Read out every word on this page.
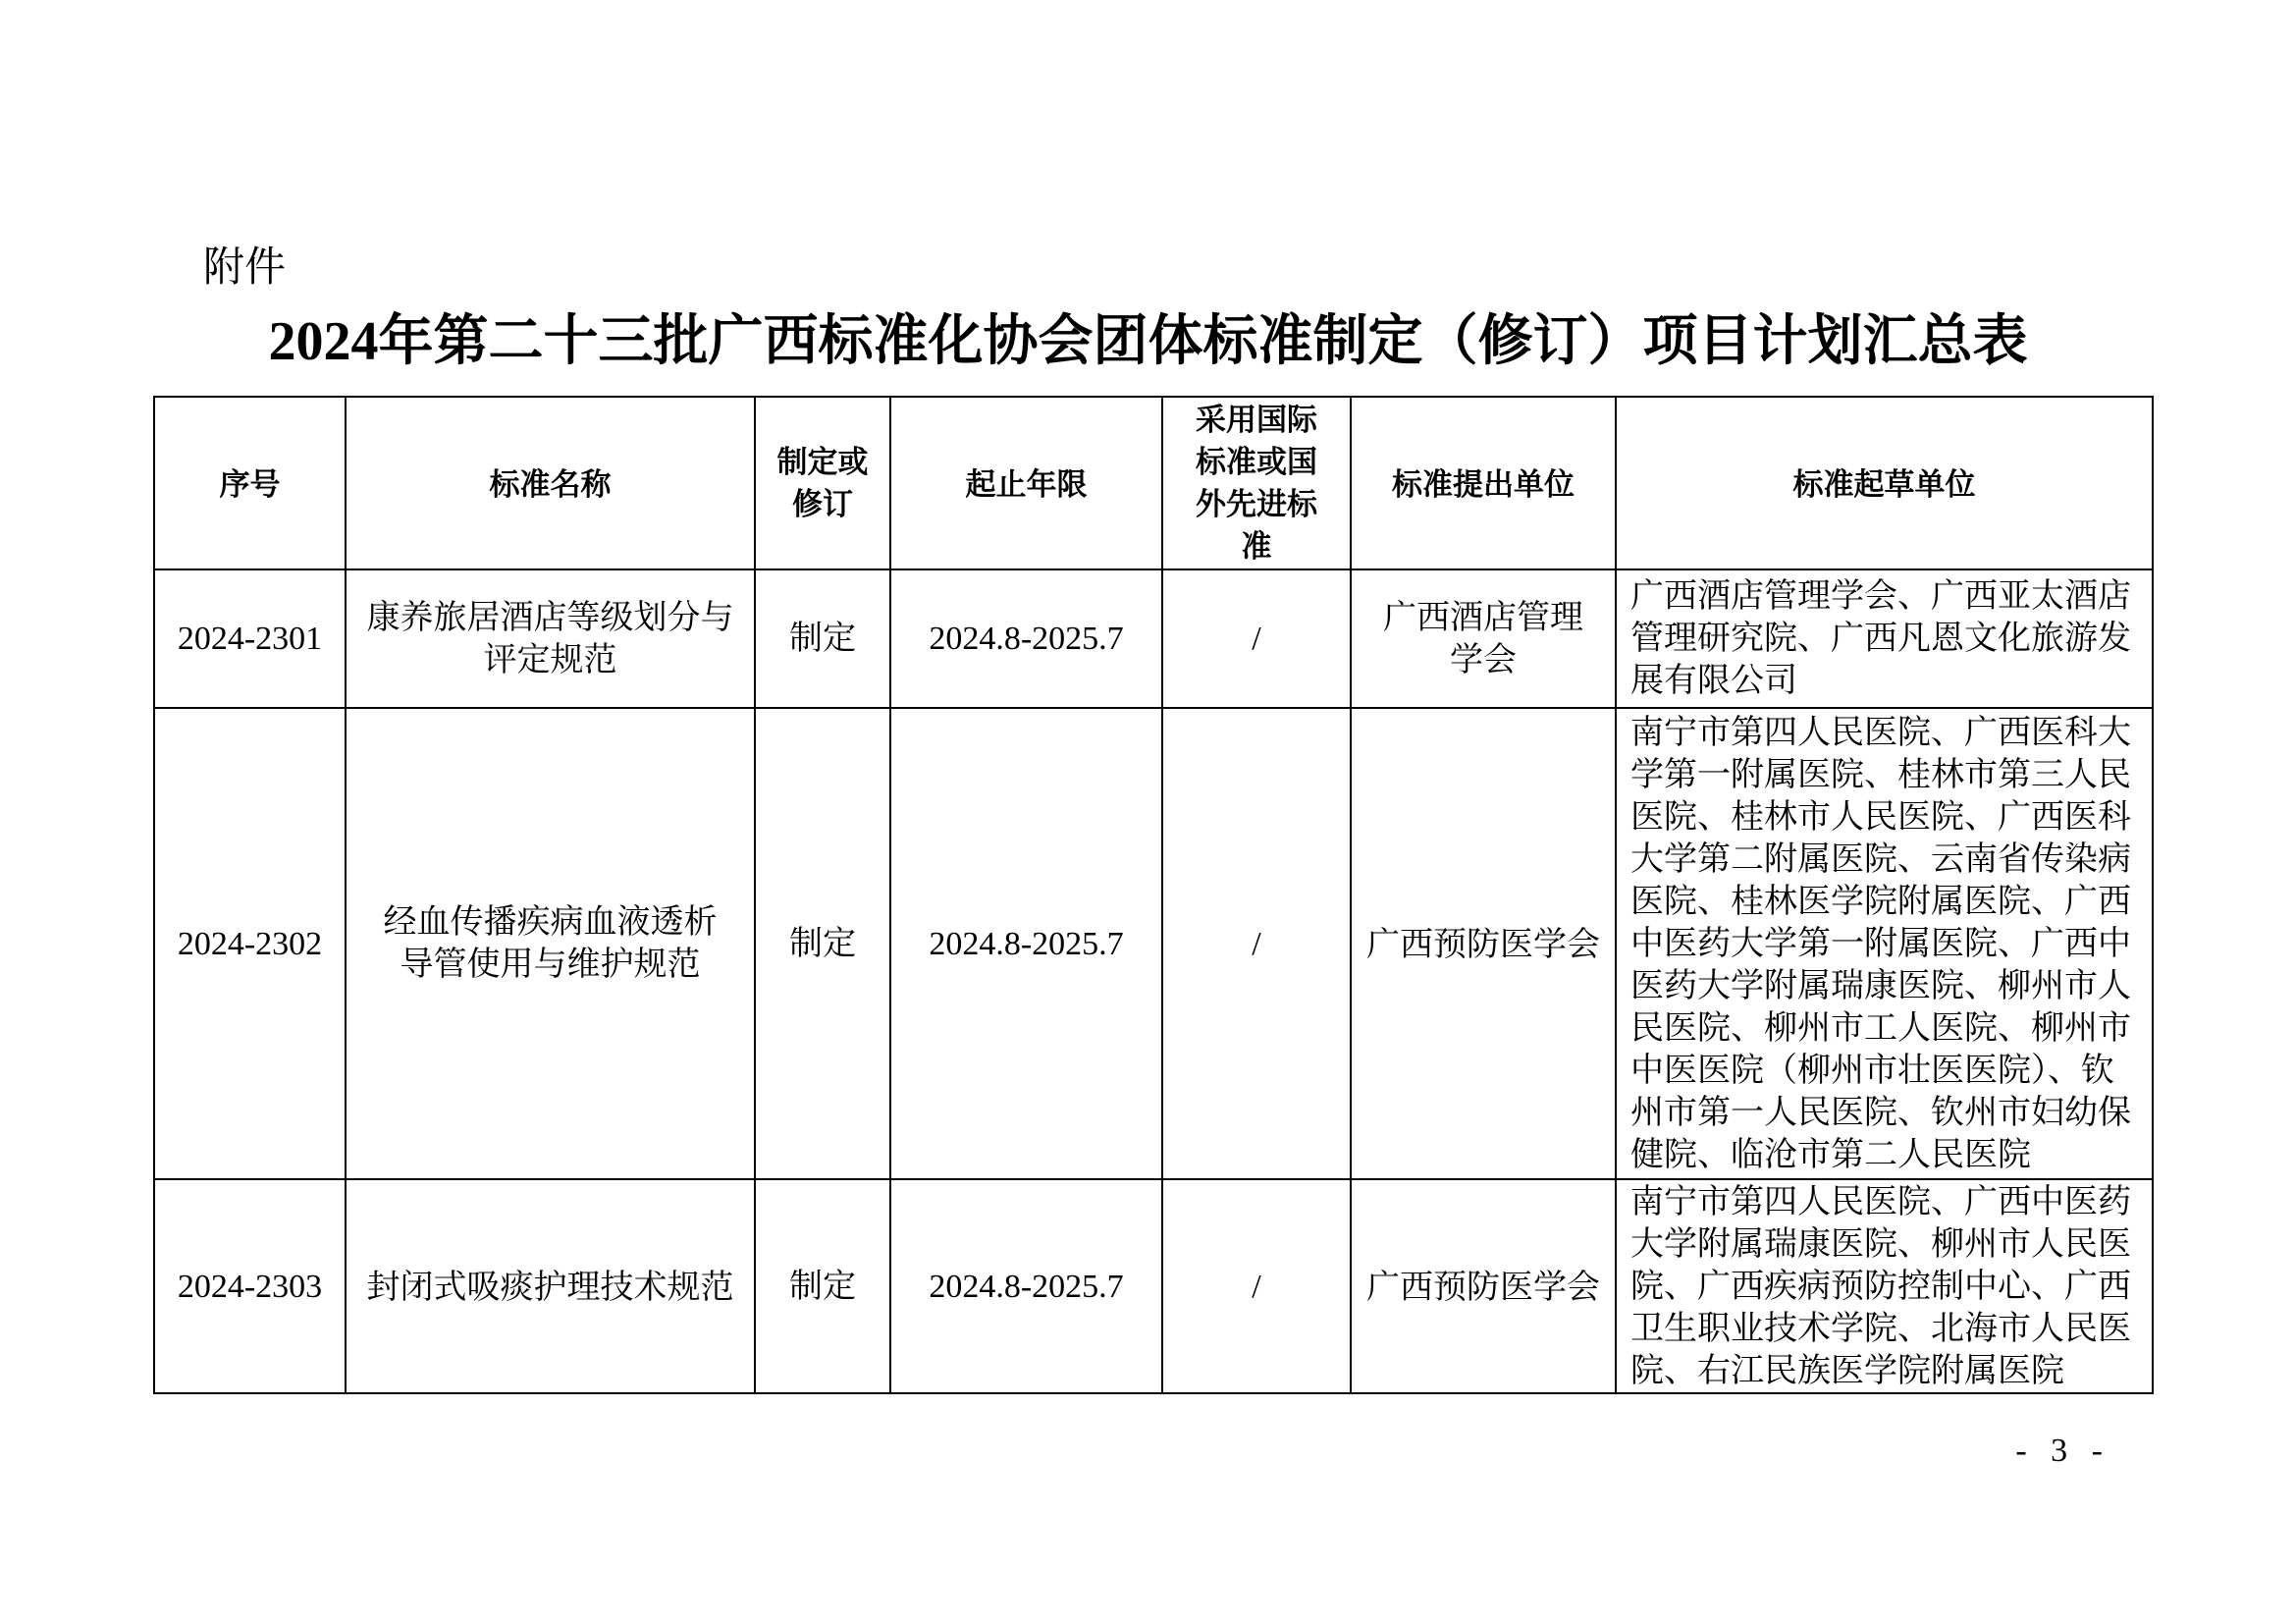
附件
2024年第二十三批广西标准化协会团体标准制定（修订）项目计划汇总表
序号	标准名称	制定或修订	起止年限	采用国际标准或国外先进标准	标准提出单位	标准起草单位
2024-2301	康养旅居酒店等级划分与评定规范	制定	2024.8-2025.7	/	广西酒店管理学会	广西酒店管理学会、广西亚太酒店管理研究院、广西凡恩文化旅游发展有限公司

2024-2302	经血传播疾病血液透析导管使用与维护规范	制定	2024.8-2025.7	/	广西预防医学会	南宁市第四人民医院、广西医科大学第一附属医院、桂林市第三人民医院、桂林市人民医院、广西医科大学第二附属医院、云南省传染病医院、桂林医学院附属医院、广西中医药大学第一附属医院、广西中医药大学附属瑞康医院、柳州市人民医院、柳州市工人医院、柳州市中医医院（柳州市壮医医院）、钦州市第一人民医院、钦州市妇幼保健院、临沧市第二人民医院

2024-2303	封闭式吸痰护理技术规范	制定	2024.8-2025.7	/	广西预防医学会	南宁市第四人民医院、广西中医药大学附属瑞康医院、柳州市人民医院、广西疾病预防控制中心、广西卫生职业技术学院、北海市人民医院、右江民族医学院附属医院
- 3 -
